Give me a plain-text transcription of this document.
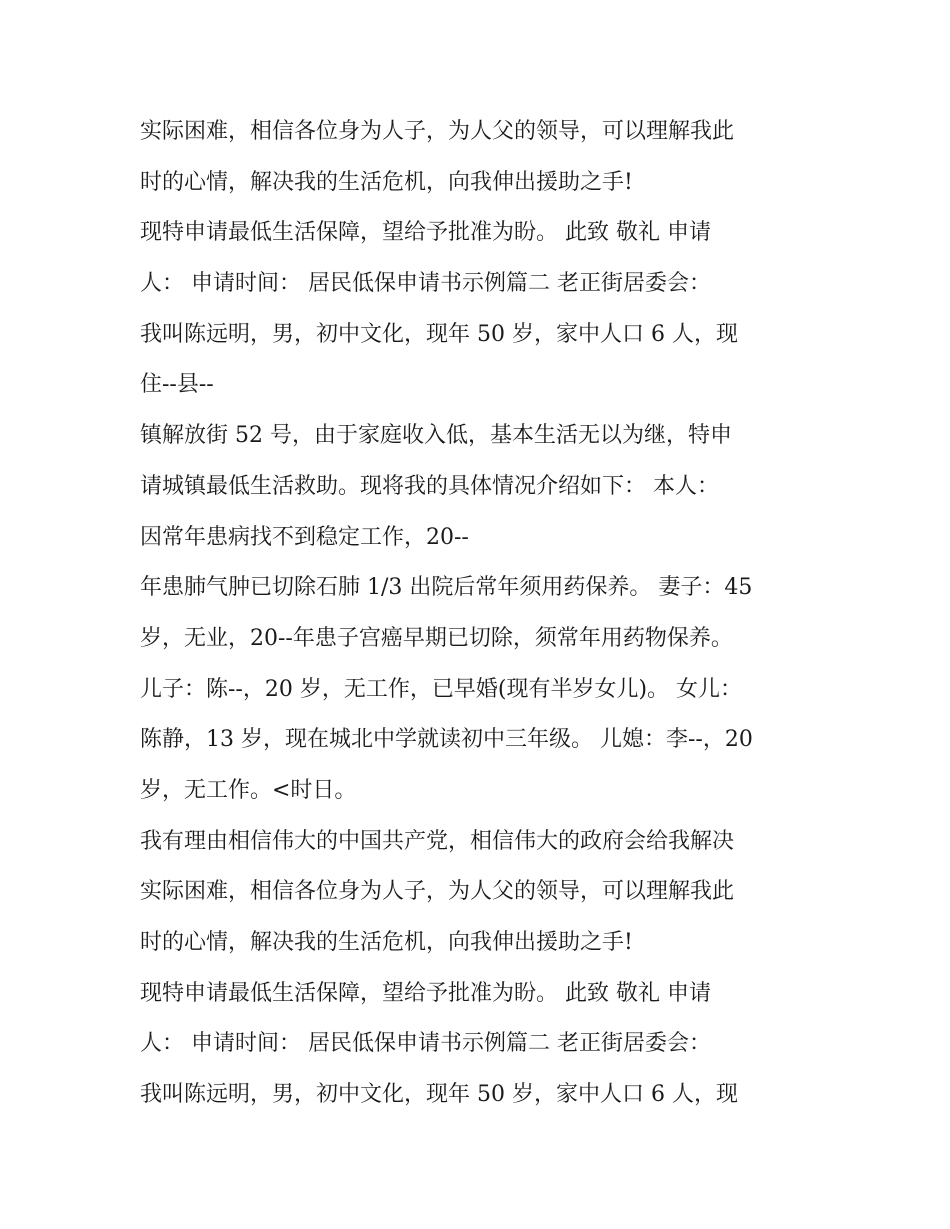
实际困难，相信各位身为人子，为人父的领导，可以理解我此
时的心情，解决我的生活危机，向我伸出援助之手!
现特申请最低生活保障，望给予批准为盼。 此致 敬礼 申请
人： 申请时间： 居民低保申请书示例篇二 老正街居委会：
我叫陈远明，男，初中文化，现年 50 岁，家中人口 6 人，现
住--县--
镇解放街 52 号，由于家庭收入低，基本生活无以为继，特申
请城镇最低生活救助。现将我的具体情况介绍如下： 本人：
因常年患病找不到稳定工作，20--
年患肺气肿已切除石肺 1/3 出院后常年须用药保养。 妻子：45
岁，无业，20--年患子宫癌早期已切除，须常年用药物保养。
儿子：陈--，20 岁，无工作，已早婚(现有半岁女儿)。 女儿：
陈静，13 岁，现在城北中学就读初中三年级。 儿媳：李--，20
岁，无工作。<时日。
我有理由相信伟大的中国共产党，相信伟大的政府会给我解决
实际困难，相信各位身为人子，为人父的领导，可以理解我此
时的心情，解决我的生活危机，向我伸出援助之手!
现特申请最低生活保障，望给予批准为盼。 此致 敬礼 申请
人： 申请时间： 居民低保申请书示例篇二 老正街居委会：
我叫陈远明，男，初中文化，现年 50 岁，家中人口 6 人，现
